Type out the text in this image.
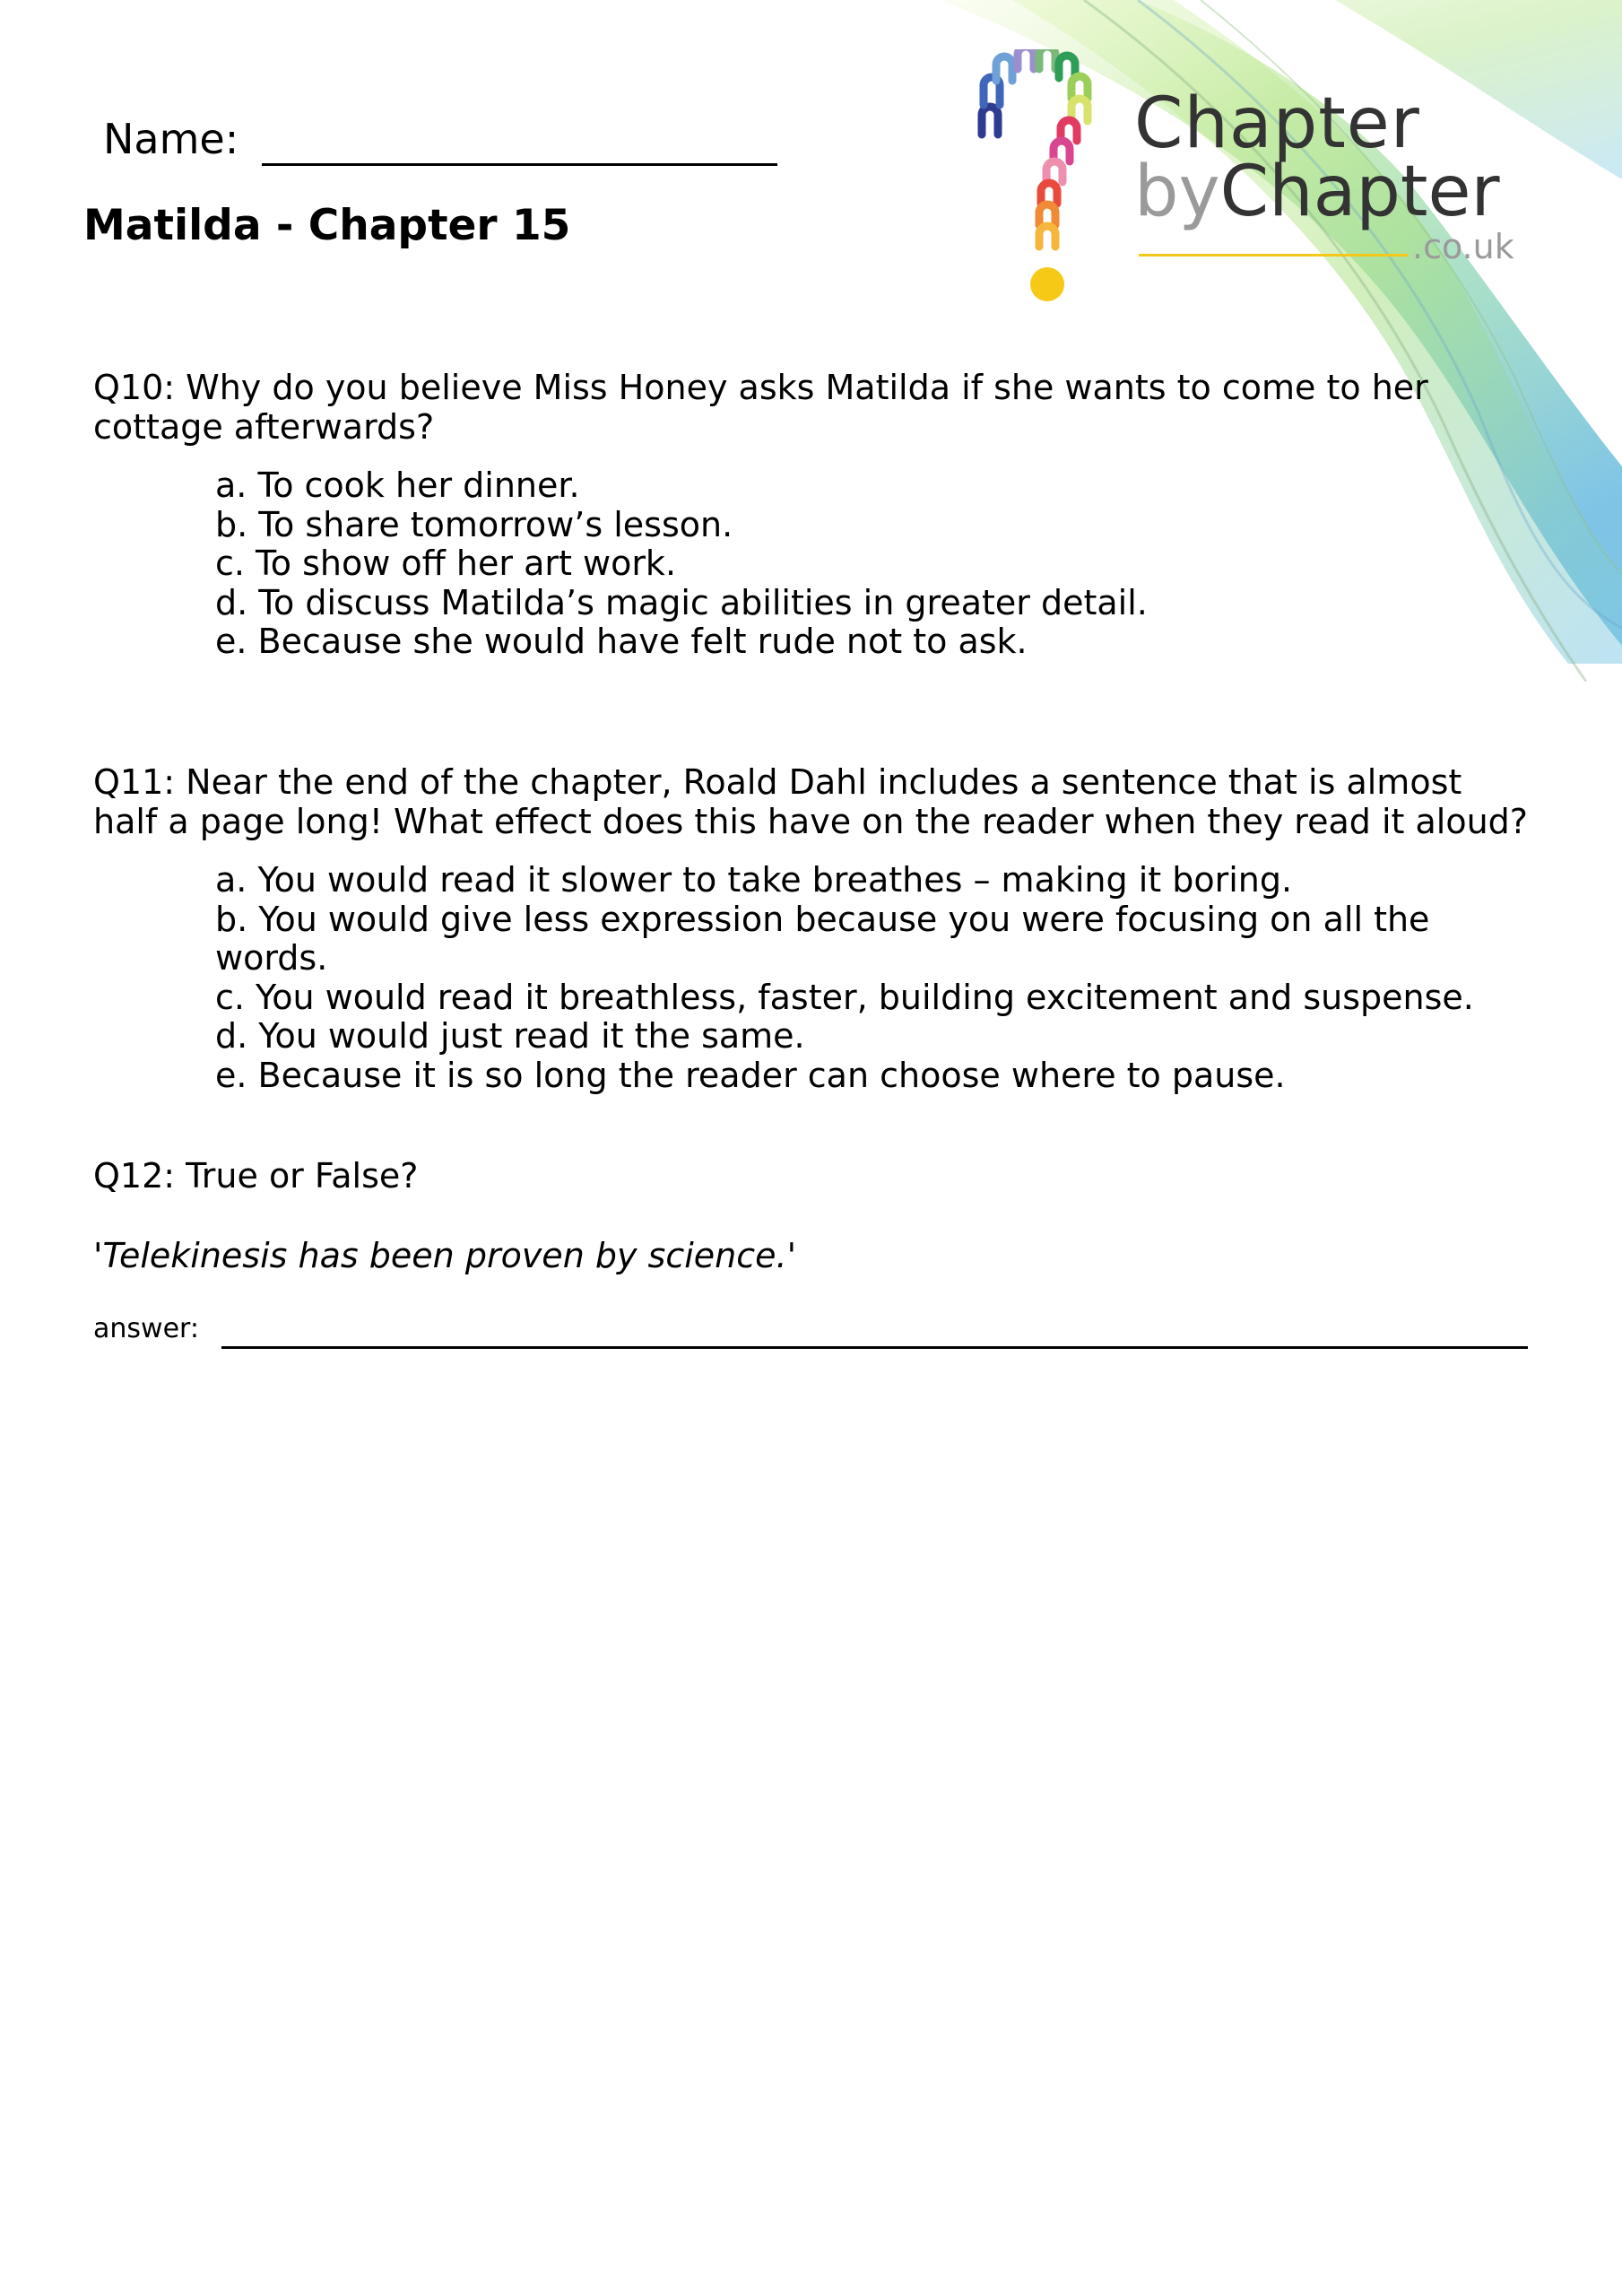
Name:
Matilda - Chapter 15
Chapter
byChapter
.co.uk

Q10: Why do you believe Miss Honey asks Matilda if she wants to come to her cottage afterwards?

a. To cook her dinner.
b. To share tomorrow’s lesson.
c. To show off her art work.
d. To discuss Matilda’s magic abilities in greater detail.
e. Because she would have felt rude not to ask.

Q11: Near the end of the chapter, Roald Dahl includes a sentence that is almost half a page long! What effect does this have on the reader when they read it aloud?

a. You would read it slower to take breathes – making it boring.
b. You would give less expression because you were focusing on all the words.
c. You would read it breathless, faster, building excitement and suspense.
d. You would just read it the same.
e. Because it is so long the reader can choose where to pause.

Q12: True or False?

'Telekinesis has been proven by science.'

answer:
